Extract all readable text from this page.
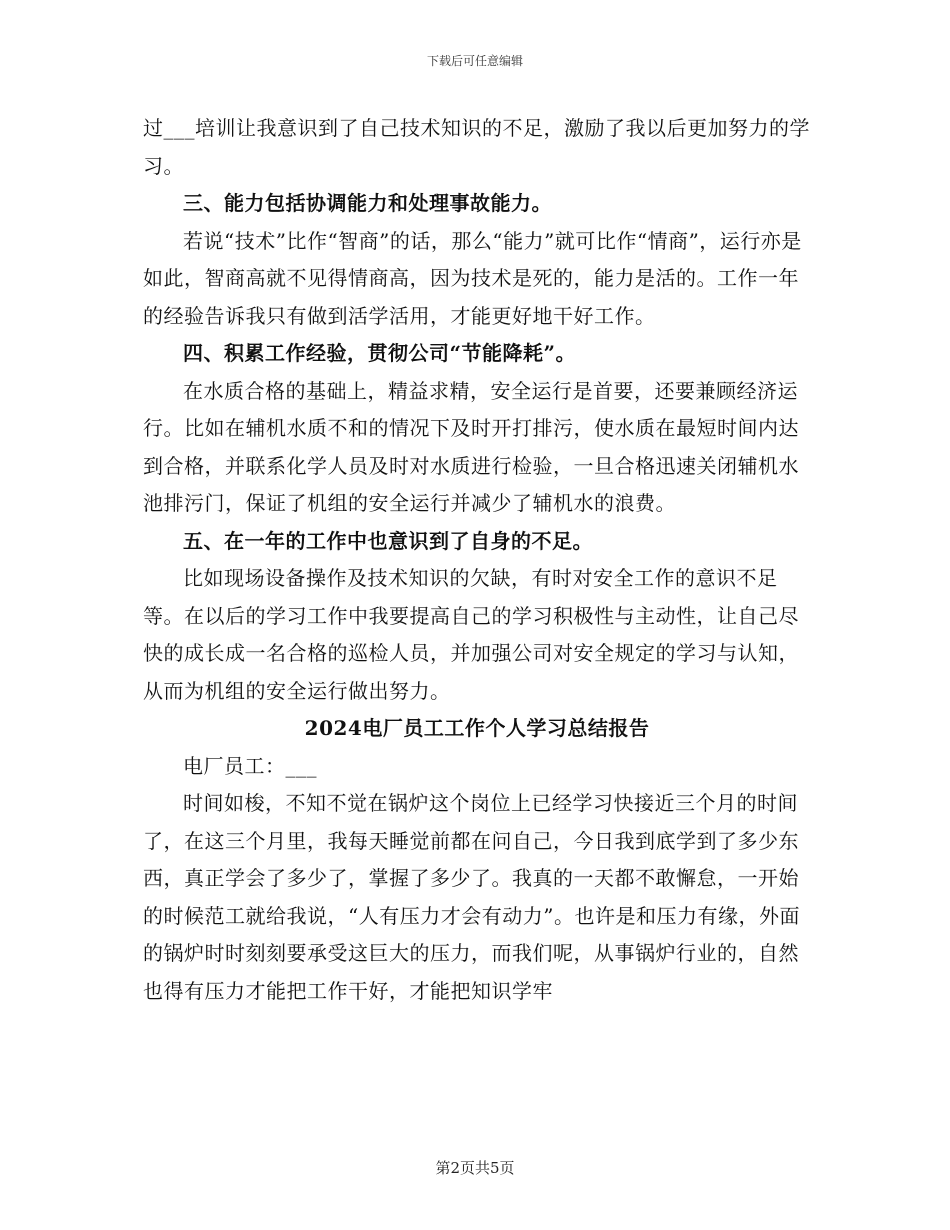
下载后可任意编辑

过___培训让我意识到了自己技术知识的不足，激励了我以后更加努力的学习。

三、能力包括协调能力和处理事故能力。

若说“技术”比作“智商”的话，那么“能力”就可比作“情商”，运行亦是如此，智商高就不见得情商高，因为技术是死的，能力是活的。工作一年的经验告诉我只有做到活学活用，才能更好地干好工作。

四、积累工作经验，贯彻公司“节能降耗”。

在水质合格的基础上，精益求精，安全运行是首要，还要兼顾经济运行。比如在辅机水质不和的情况下及时开打排污，使水质在最短时间内达到合格，并联系化学人员及时对水质进行检验，一旦合格迅速关闭辅机水池排污门，保证了机组的安全运行并减少了辅机水的浪费。

五、在一年的工作中也意识到了自身的不足。

比如现场设备操作及技术知识的欠缺，有时对安全工作的意识不足等。在以后的学习工作中我要提高自己的学习积极性与主动性，让自己尽快的成长成一名合格的巡检人员，并加强公司对安全规定的学习与认知，从而为机组的安全运行做出努力。

2024电厂员工工作个人学习总结报告

电厂员工：___

时间如梭，不知不觉在锅炉这个岗位上已经学习快接近三个月的时间了，在这三个月里，我每天睡觉前都在问自己，今日我到底学到了多少东西，真正学会了多少了，掌握了多少了。我真的一天都不敢懈怠，一开始的时候范工就给我说，“人有压力才会有动力”。也许是和压力有缘，外面的锅炉时时刻刻要承受这巨大的压力，而我们呢，从事锅炉行业的，自然也得有压力才能把工作干好，才能把知识学牢

第2页共5页
